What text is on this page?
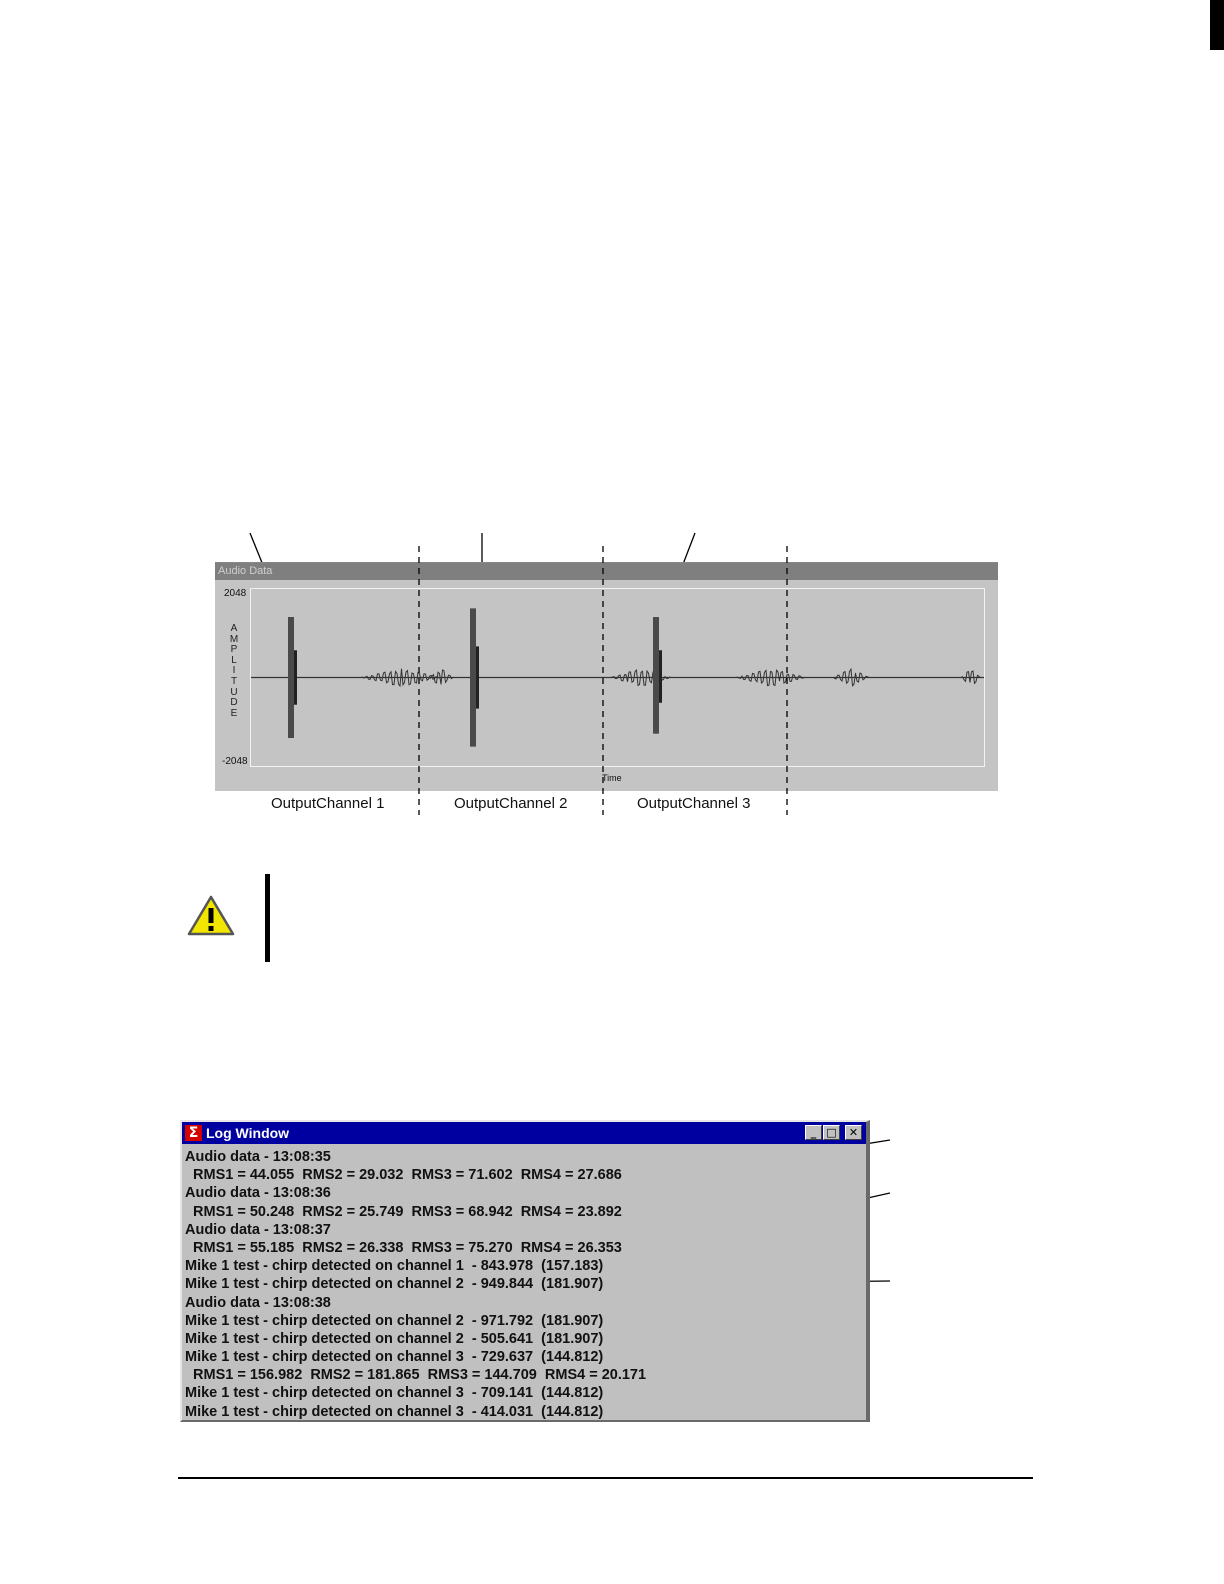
Audio Data
2048
-2048
A
M
P
L
I
T
U
D
E
Time
OutputChannel 1	OutputChannel 2	OutputChannel 3
Σ Log Window	_ □	✕
Audio data - 13:08:35
RMS1 = 44.055  RMS2 = 29.032  RMS3 = 71.602  RMS4 = 27.686
Audio data - 13:08:36
RMS1 = 50.248  RMS2 = 25.749  RMS3 = 68.942  RMS4 = 23.892
Audio data - 13:08:37
RMS1 = 55.185  RMS2 = 26.338  RMS3 = 75.270  RMS4 = 26.353
Mike 1 test - chirp detected on channel 1  - 843.978  (157.183)
Mike 1 test - chirp detected on channel 2  - 949.844  (181.907)
Audio data - 13:08:38
Mike 1 test - chirp detected on channel 2  - 971.792  (181.907)
Mike 1 test - chirp detected on channel 2  - 505.641  (181.907)
Mike 1 test - chirp detected on channel 3  - 729.637  (144.812)
RMS1 = 156.982  RMS2 = 181.865  RMS3 = 144.709  RMS4 = 20.171
Mike 1 test - chirp detected on channel 3  - 709.141  (144.812)
Mike 1 test - chirp detected on channel 3  - 414.031  (144.812)
